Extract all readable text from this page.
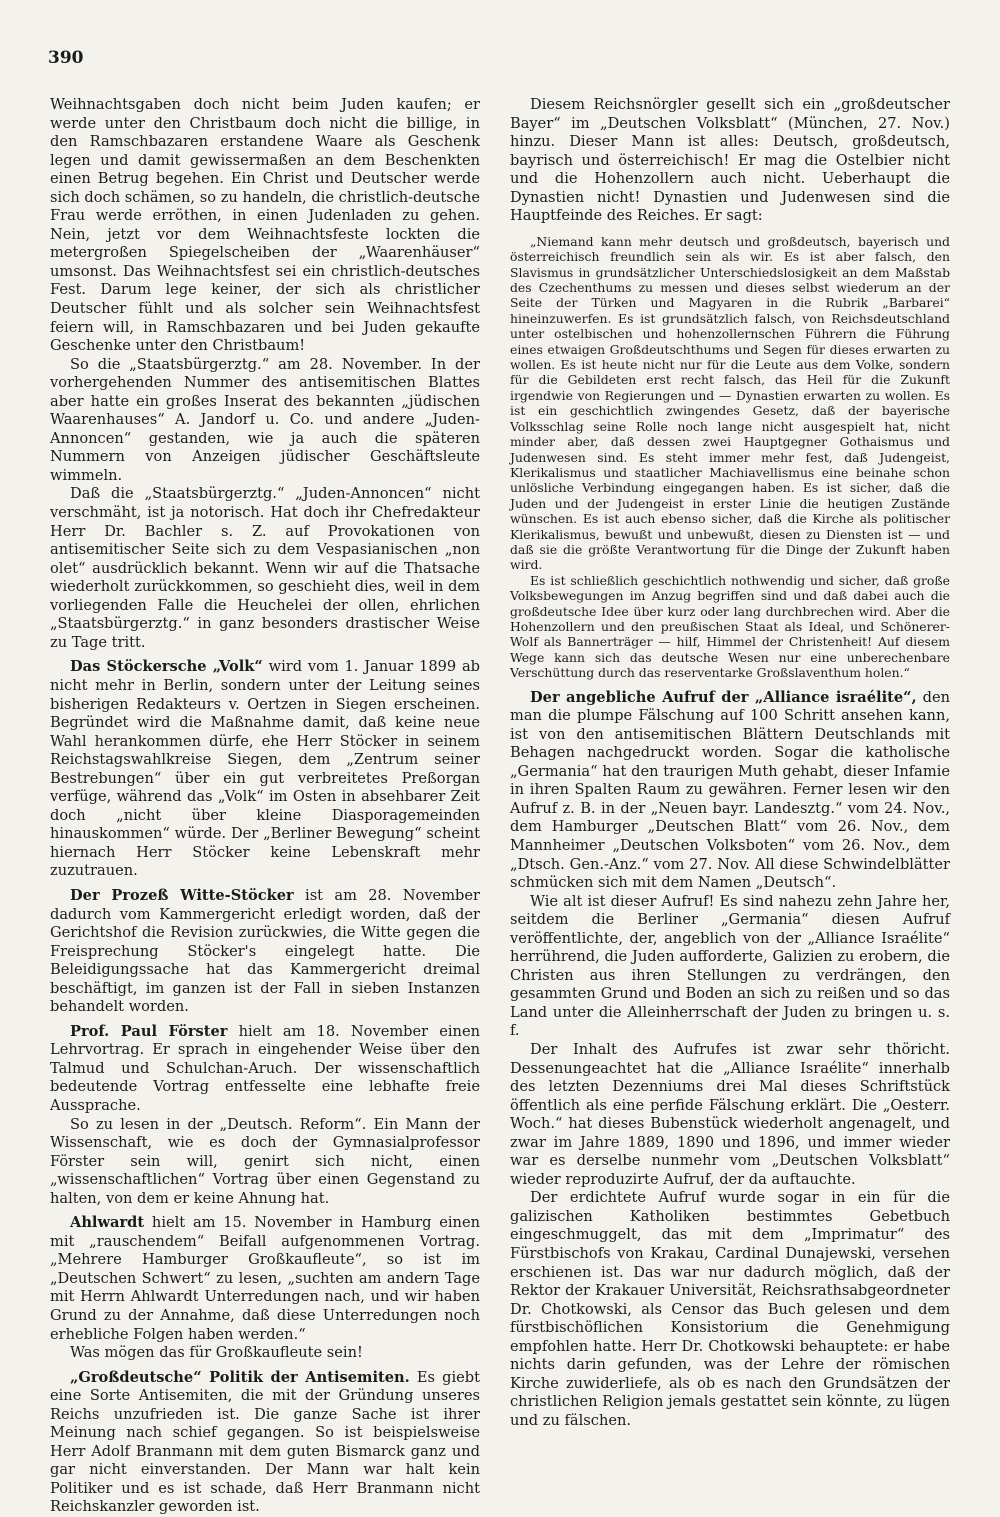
390

Weihnachtsgaben doch nicht beim Juden kaufen; er werde unter den Christbaum doch nicht die billige, in den Ramschbazaren erstandene Waare als Geschenk legen und damit gewissermaßen an dem Beschenkten einen Betrug begehen. Ein Christ und Deutscher werde sich doch schämen, so zu handeln, die christlich-deutsche Frau werde erröthen, in einen Judenladen zu gehen. Nein, jetzt vor dem Weihnachtsfeste lockten die metergroßen Spiegelscheiben der „Waarenhäuser“ umsonst. Das Weihnachtsfest sei ein christlich-deutsches Fest. Darum lege keiner, der sich als christlicher Deutscher fühlt und als solcher sein Weihnachtsfest feiern will, in Ramschbazaren und bei Juden gekaufte Geschenke unter den Christbaum!

So die „Staatsbürgerztg.“ am 28. November. In der vorhergehenden Nummer des antisemitischen Blattes aber hatte ein großes Inserat des bekannten „jüdischen Waarenhauses“ A. Jandorf u. Co. und andere „Juden-Annoncen“ gestanden, wie ja auch die späteren Nummern von Anzeigen jüdischer Geschäftsleute wimmeln.

Daß die „Staatsbürgerztg.“ „Juden-Annoncen“ nicht verschmäht, ist ja notorisch. Hat doch ihr Chefredakteur Herr Dr. Bachler s. Z. auf Provokationen von antisemitischer Seite sich zu dem Vespasianischen „non olet“ ausdrücklich bekannt. Wenn wir auf die Thatsache wiederholt zurückkommen, so geschieht dies, weil in dem vorliegenden Falle die Heuchelei der ollen, ehrlichen „Staatsbürgerztg.“ in ganz besonders drastischer Weise zu Tage tritt.

Das Stöckersche „Volk“ wird vom 1. Januar 1899 ab nicht mehr in Berlin, sondern unter der Leitung seines bisherigen Redakteurs v. Oertzen in Siegen erscheinen. Begründet wird die Maßnahme damit, daß keine neue Wahl herankommen dürfe, ehe Herr Stöcker in seinem Reichstagswahlkreise Siegen, dem „Zentrum seiner Bestrebungen“ über ein gut verbreitetes Preßorgan verfüge, während das „Volk“ im Osten in absehbarer Zeit doch „nicht über kleine Diasporagemeinden hinauskommen“ würde. Der „Berliner Bewegung“ scheint hiernach Herr Stöcker keine Lebenskraft mehr zuzutrauen.

Der Prozeß Witte-Stöcker ist am 28. November dadurch vom Kammergericht erledigt worden, daß der Gerichtshof die Revision zurückwies, die Witte gegen die Freisprechung Stöcker's eingelegt hatte. Die Beleidigungssache hat das Kammergericht dreimal beschäftigt, im ganzen ist der Fall in sieben Instanzen behandelt worden.

Prof. Paul Förster hielt am 18. November einen Lehrvortrag. Er sprach in eingehender Weise über den Talmud und Schulchan-Aruch. Der wissenschaftlich bedeutende Vortrag entfesselte eine lebhafte freie Aussprache.

So zu lesen in der „Deutsch. Reform“. Ein Mann der Wissenschaft, wie es doch der Gymnasialprofessor Förster sein will, genirt sich nicht, einen „wissenschaftlichen“ Vortrag über einen Gegenstand zu halten, von dem er keine Ahnung hat.

Ahlwardt hielt am 15. November in Hamburg einen mit „rauschendem“ Beifall aufgenommenen Vortrag. „Mehrere Hamburger Großkaufleute“, so ist im „Deutschen Schwert“ zu lesen, „suchten am andern Tage mit Herrn Ahlwardt Unterredungen nach, und wir haben Grund zu der Annahme, daß diese Unterredungen noch erhebliche Folgen haben werden.“

Was mögen das für Großkaufleute sein!

„Großdeutsche“ Politik der Antisemiten. Es giebt eine Sorte Antisemiten, die mit der Gründung unseres Reichs unzufrieden ist. Die ganze Sache ist ihrer Meinung nach schief gegangen. So ist beispielsweise Herr Adolf Branmann mit dem guten Bismarck ganz und gar nicht einverstanden. Der Mann war halt kein Politiker und es ist schade, daß Herr Branmann nicht Reichskanzler geworden ist.

Diesem Reichsnörgler gesellt sich ein „großdeutscher Bayer“ im „Deutschen Volksblatt“ (München, 27. Nov.) hinzu. Dieser Mann ist alles: Deutsch, großdeutsch, bayrisch und österreichisch! Er mag die Ostelbier nicht und die Hohenzollern auch nicht. Ueberhaupt die Dynastien nicht! Dynastien und Judenwesen sind die Hauptfeinde des Reiches. Er sagt:

„Niemand kann mehr deutsch und großdeutsch, bayerisch und österreichisch freundlich sein als wir. Es ist aber falsch, den Slavismus in grundsätzlicher Unterschiedslosigkeit an dem Maßstab des Czechenthums zu messen und dieses selbst wiederum an der Seite der Türken und Magyaren in die Rubrik „Barbarei“ hineinzuwerfen. Es ist grundsätzlich falsch, von Reichsdeutschland unter ostelbischen und hohenzollernschen Führern die Führung eines etwaigen Großdeutschthums und Segen für dieses erwarten zu wollen. Es ist heute nicht nur für die Leute aus dem Volke, sondern für die Gebildeten erst recht falsch, das Heil für die Zukunft irgendwie von Regierungen und — Dynastien erwarten zu wollen. Es ist ein geschichtlich zwingendes Gesetz, daß der bayerische Volksschlag seine Rolle noch lange nicht ausgespielt hat, nicht minder aber, daß dessen zwei Hauptgegner Gothaismus und Judenwesen sind. Es steht immer mehr fest, daß Judengeist, Klerikalismus und staatlicher Machiavellismus eine beinahe schon unlösliche Verbindung eingegangen haben. Es ist sicher, daß die Juden und der Judengeist in erster Linie die heutigen Zustände wünschen. Es ist auch ebenso sicher, daß die Kirche als politischer Klerikalismus, bewußt und unbewußt, diesen zu Diensten ist — und daß sie die größte Verantwortung für die Dinge der Zukunft haben wird.

Es ist schließlich geschichtlich nothwendig und sicher, daß große Volksbewegungen im Anzug begriffen sind und daß dabei auch die großdeutsche Idee über kurz oder lang durchbrechen wird. Aber die Hohenzollern und den preußischen Staat als Ideal, und Schönerer-Wolf als Bannerträger — hilf, Himmel der Christenheit! Auf diesem Wege kann sich das deutsche Wesen nur eine unberechenbare Verschüttung durch das reserventarke Großslaventhum holen.“

Der angebliche Aufruf der „Alliance israélite“, den man die plumpe Fälschung auf 100 Schritt ansehen kann, ist von den antisemitischen Blättern Deutschlands mit Behagen nachgedruckt worden. Sogar die katholische „Germania“ hat den traurigen Muth gehabt, dieser Infamie in ihren Spalten Raum zu gewähren. Ferner lesen wir den Aufruf z. B. in der „Neuen bayr. Landesztg.“ vom 24. Nov., dem Hamburger „Deutschen Blatt“ vom 26. Nov., dem Mannheimer „Deutschen Volksboten“ vom 26. Nov., dem „Dtsch. Gen.-Anz.“ vom 27. Nov. All diese Schwindelblätter schmücken sich mit dem Namen „Deutsch“.

Wie alt ist dieser Aufruf! Es sind nahezu zehn Jahre her, seitdem die Berliner „Germania“ diesen Aufruf veröffentlichte, der, angeblich von der „Alliance Israélite“ herrührend, die Juden aufforderte, Galizien zu erobern, die Christen aus ihren Stellungen zu verdrängen, den gesammten Grund und Boden an sich zu reißen und so das Land unter die Alleinherrschaft der Juden zu bringen u. s. f.

Der Inhalt des Aufrufes ist zwar sehr thöricht. Dessenungeachtet hat die „Alliance Israélite“ innerhalb des letzten Dezenniums drei Mal dieses Schriftstück öffentlich als eine perfide Fälschung erklärt. Die „Oesterr. Woch.“ hat dieses Bubenstück wiederholt angenagelt, und zwar im Jahre 1889, 1890 und 1896, und immer wieder war es derselbe nunmehr vom „Deutschen Volksblatt“ wieder reproduzirte Aufruf, der da auftauchte.

Der erdichtete Aufruf wurde sogar in ein für die galizischen Katholiken bestimmtes Gebetbuch eingeschmuggelt, das mit dem „Imprimatur“ des Fürstbischofs von Krakau, Cardinal Dunajewski, versehen erschienen ist. Das war nur dadurch möglich, daß der Rektor der Krakauer Universität, Reichsrathsabgeordneter Dr. Chotkowski, als Censor das Buch gelesen und dem fürstbischöflichen Konsistorium die Genehmigung empfohlen hatte. Herr Dr. Chotkowski behauptete: er habe nichts darin gefunden, was der Lehre der römischen Kirche zuwiderliefe, als ob es nach den Grundsätzen der christlichen Religion jemals gestattet sein könnte, zu lügen und zu fälschen.
